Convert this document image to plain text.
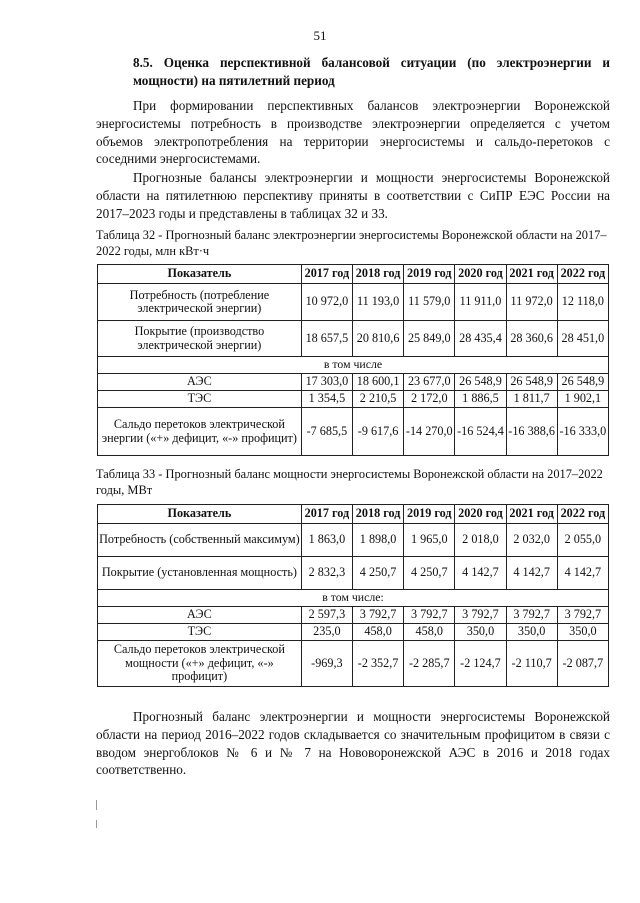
51
8.5. Оценка перспективной балансовой ситуации (по электроэнергии и мощности) на пятилетний период
При формировании перспективных балансов электроэнергии Воронежской энергосистемы потребность в производстве электроэнергии определяется с учетом объемов электропотребления на территории энергосистемы и сальдо-перетоков с соседними энергосистемами.
Прогнозные балансы электроэнергии и мощности энергосистемы Воронежской области на пятилетнюю перспективу приняты в соответствии с СиПР ЕЭС России на 2017–2023 годы и представлены в таблицах 32 и 33.
Таблица 32 - Прогнозный баланс электроэнергии энергосистемы Воронежской области на 2017–2022 годы, млн кВт·ч
Показатель	2017 год	2018 год	2019 год	2020 год	2021 год	2022 год
Потребность (потребление электрической энергии)	10 972,0	11 193,0	11 579,0	11 911,0	11 972,0	12 118,0
Покрытие (производство электрической энергии)	18 657,5	20 810,6	25 849,0	28 435,4	28 360,6	28 451,0
в том числе						
АЭС	17 303,0	18 600,1	23 677,0	26 548,9	26 548,9	26 548,9
ТЭС	1 354,5	2 210,5	2 172,0	1 886,5	1 811,7	1 902,1
Сальдо перетоков электрической энергии («+» дефицит, «-» профицит)	-7 685,5	-9 617,6	-14 270,0	-16 524,4	-16 388,6	-16 333,0
Таблица 33 - Прогнозный баланс мощности энергосистемы Воронежской области на 2017–2022 годы, МВт
Показатель	2017 год	2018 год	2019 год	2020 год	2021 год	2022 год
Потребность (собственный максимум)	1 863,0	1 898,0	1 965,0	2 018,0	2 032,0	2 055,0
Покрытие (установленная мощность)	2 832,3	4 250,7	4 250,7	4 142,7	4 142,7	4 142,7
в том числе:						
АЭС	2 597,3	3 792,7	3 792,7	3 792,7	3 792,7	3 792,7
ТЭС	235,0	458,0	458,0	350,0	350,0	350,0
Сальдо перетоков электрической мощности («+» дефицит, «-» профицит)	-969,3	-2 352,7	-2 285,7	-2 124,7	-2 110,7	-2 087,7
Прогнозный баланс электроэнергии и мощности энергосистемы Воронежской области на период 2016–2022 годов складывается со значительным профицитом в связи с вводом энергоблоков № 6 и № 7 на Нововоронежской АЭС в 2016 и 2018 годах соответственно.
